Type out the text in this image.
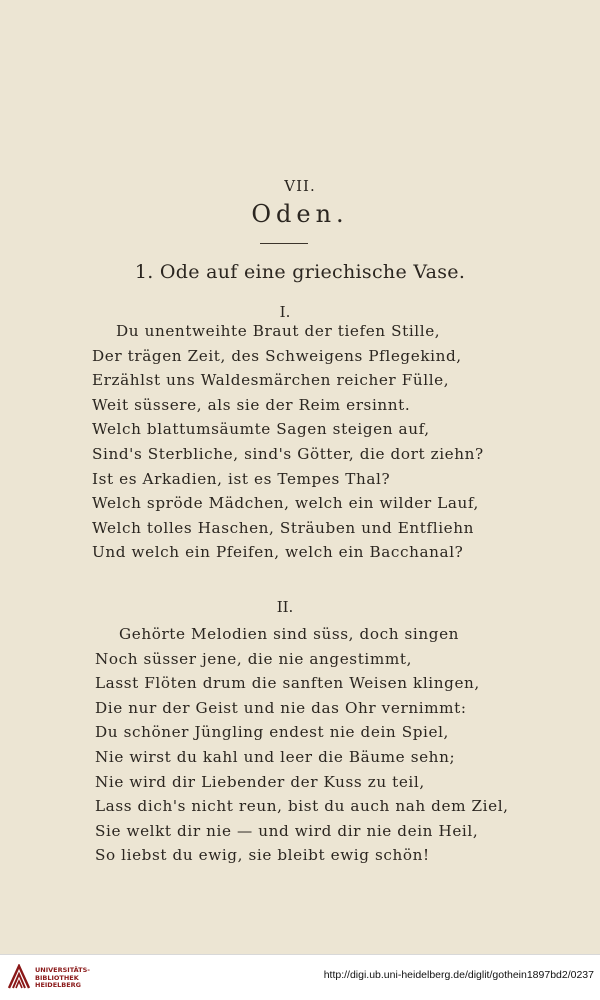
VII.
Oden.
1. Ode auf eine griechische Vase.
I.
Du unentweihte Braut der tiefen Stille,
Der trägen Zeit, des Schweigens Pflegekind,
Erzählst uns Waldesmärchen reicher Fülle,
Weit süssere, als sie der Reim ersinnt.
Welch blattumsäumte Sagen steigen auf,
Sind's Sterbliche, sind's Götter, die dort ziehn?
Ist es Arkadien, ist es Tempes Thal?
Welch spröde Mädchen, welch ein wilder Lauf,
Welch tolles Haschen, Sträuben und Entfliehn
Und welch ein Pfeifen, welch ein Bacchanal?
II.
Gehörte Melodien sind süss, doch singen
Noch süsser jene, die nie angestimmt,
Lasst Flöten drum die sanften Weisen klingen,
Die nur der Geist und nie das Ohr vernimmt:
Du schöner Jüngling endest nie dein Spiel,
Nie wirst du kahl und leer die Bäume sehn;
Nie wird dir Liebender der Kuss zu teil,
Lass dich's nicht reun, bist du auch nah dem Ziel,
Sie welkt dir nie — und wird dir nie dein Heil,
So liebst du ewig, sie bleibt ewig schön!
UNIVERSITÄTS-
BIBLIOTHEK
HEIDELBERG
http://digi.ub.uni-heidelberg.de/diglit/gothein1897bd2/0237
